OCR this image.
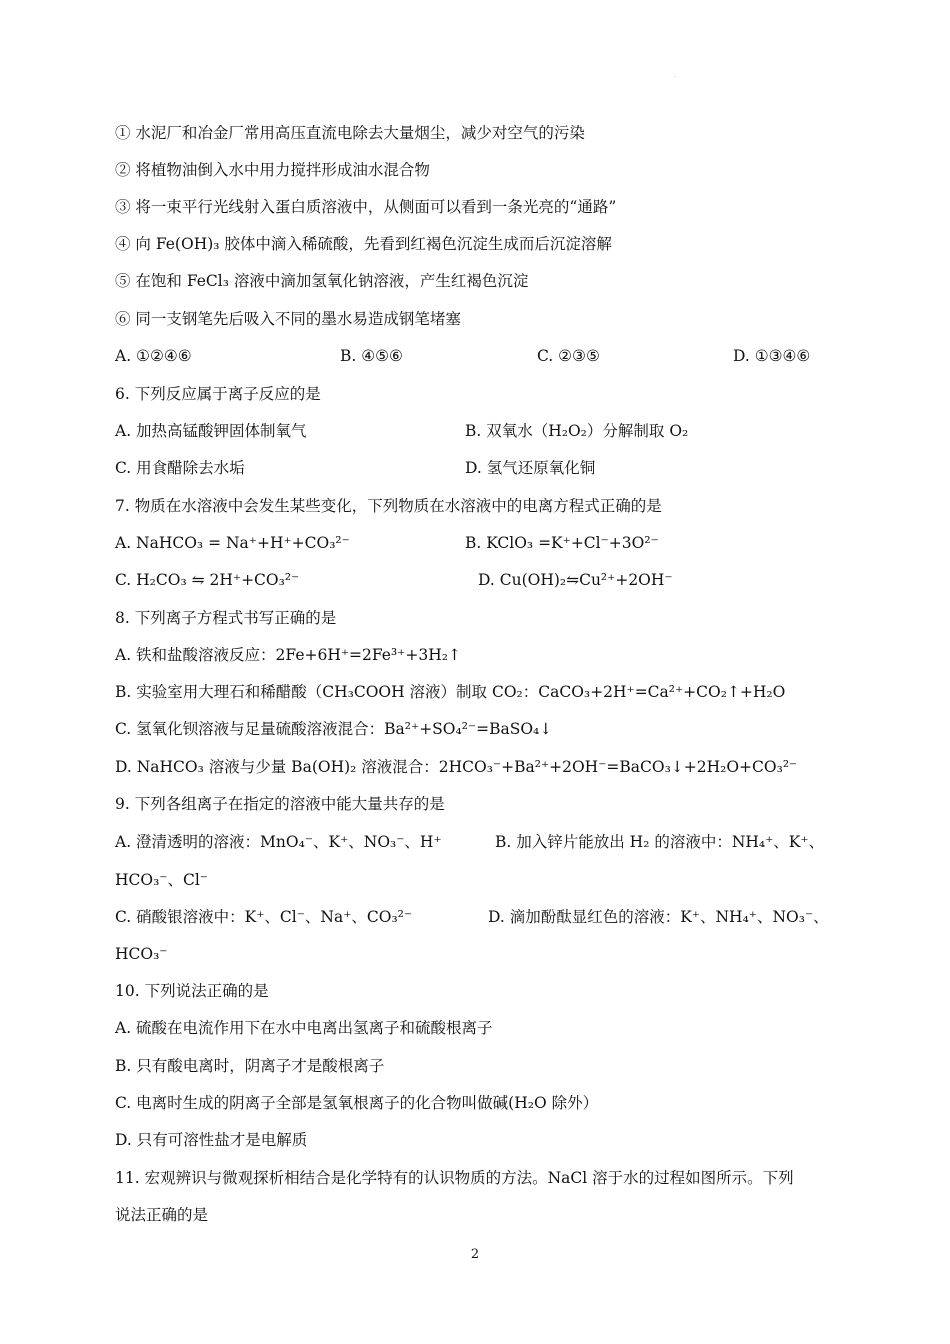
·
① 水泥厂和冶金厂常用高压直流电除去大量烟尘，减少对空气的污染
② 将植物油倒入水中用力搅拌形成油水混合物
③ 将一束平行光线射入蛋白质溶液中，从侧面可以看到一条光亮的“通路”
④ 向 Fe(OH)₃ 胶体中滴入稀硫酸，先看到红褐色沉淀生成而后沉淀溶解
⑤ 在饱和 FeCl₃ 溶液中滴加氢氧化钠溶液，产生红褐色沉淀
⑥ 同一支钢笔先后吸入不同的墨水易造成钢笔堵塞
A. ①②④⑥	B. ④⑤⑥	C. ②③⑤	D. ①③④⑥
6. 下列反应属于离子反应的是
A. 加热高锰酸钾固体制氧气	B. 双氧水（H₂O₂）分解制取 O₂
C. 用食醋除去水垢	D. 氢气还原氧化铜
7. 物质在水溶液中会发生某些变化，下列物质在水溶液中的电离方程式正确的是
A. NaHCO₃ = Na⁺+H⁺+CO₃²⁻	B. KClO₃ =K⁺+Cl⁻+3O²⁻
C. H₂CO₃ ⇋ 2H⁺+CO₃²⁻	D. Cu(OH)₂⇋Cu²⁺+2OH⁻
8. 下列离子方程式书写正确的是
A. 铁和盐酸溶液反应：2Fe+6H⁺=2Fe³⁺+3H₂↑
B. 实验室用大理石和稀醋酸（CH₃COOH 溶液）制取 CO₂：CaCO₃+2H⁺=Ca²⁺+CO₂↑+H₂O
C. 氢氧化钡溶液与足量硫酸溶液混合：Ba²⁺+SO₄²⁻=BaSO₄↓
D. NaHCO₃ 溶液与少量 Ba(OH)₂ 溶液混合：2HCO₃⁻+Ba²⁺+2OH⁻=BaCO₃↓+2H₂O+CO₃²⁻
9. 下列各组离子在指定的溶液中能大量共存的是
A. 澄清透明的溶液：MnO₄⁻、K⁺、NO₃⁻、H⁺	B. 加入锌片能放出 H₂ 的溶液中：NH₄⁺、K⁺、
HCO₃⁻、Cl⁻
C. 硝酸银溶液中：K⁺、Cl⁻、Na⁺、CO₃²⁻	D. 滴加酚酞显红色的溶液：K⁺、NH₄⁺、NO₃⁻、
HCO₃⁻
10. 下列说法正确的是
A. 硫酸在电流作用下在水中电离出氢离子和硫酸根离子
B. 只有酸电离时，阴离子才是酸根离子
C. 电离时生成的阴离子全部是氢氧根离子的化合物叫做碱(H₂O 除外）
D. 只有可溶性盐才是电解质
11. 宏观辨识与微观探析相结合是化学特有的认识物质的方法。NaCl 溶于水的过程如图所示。下列
说法正确的是
2
